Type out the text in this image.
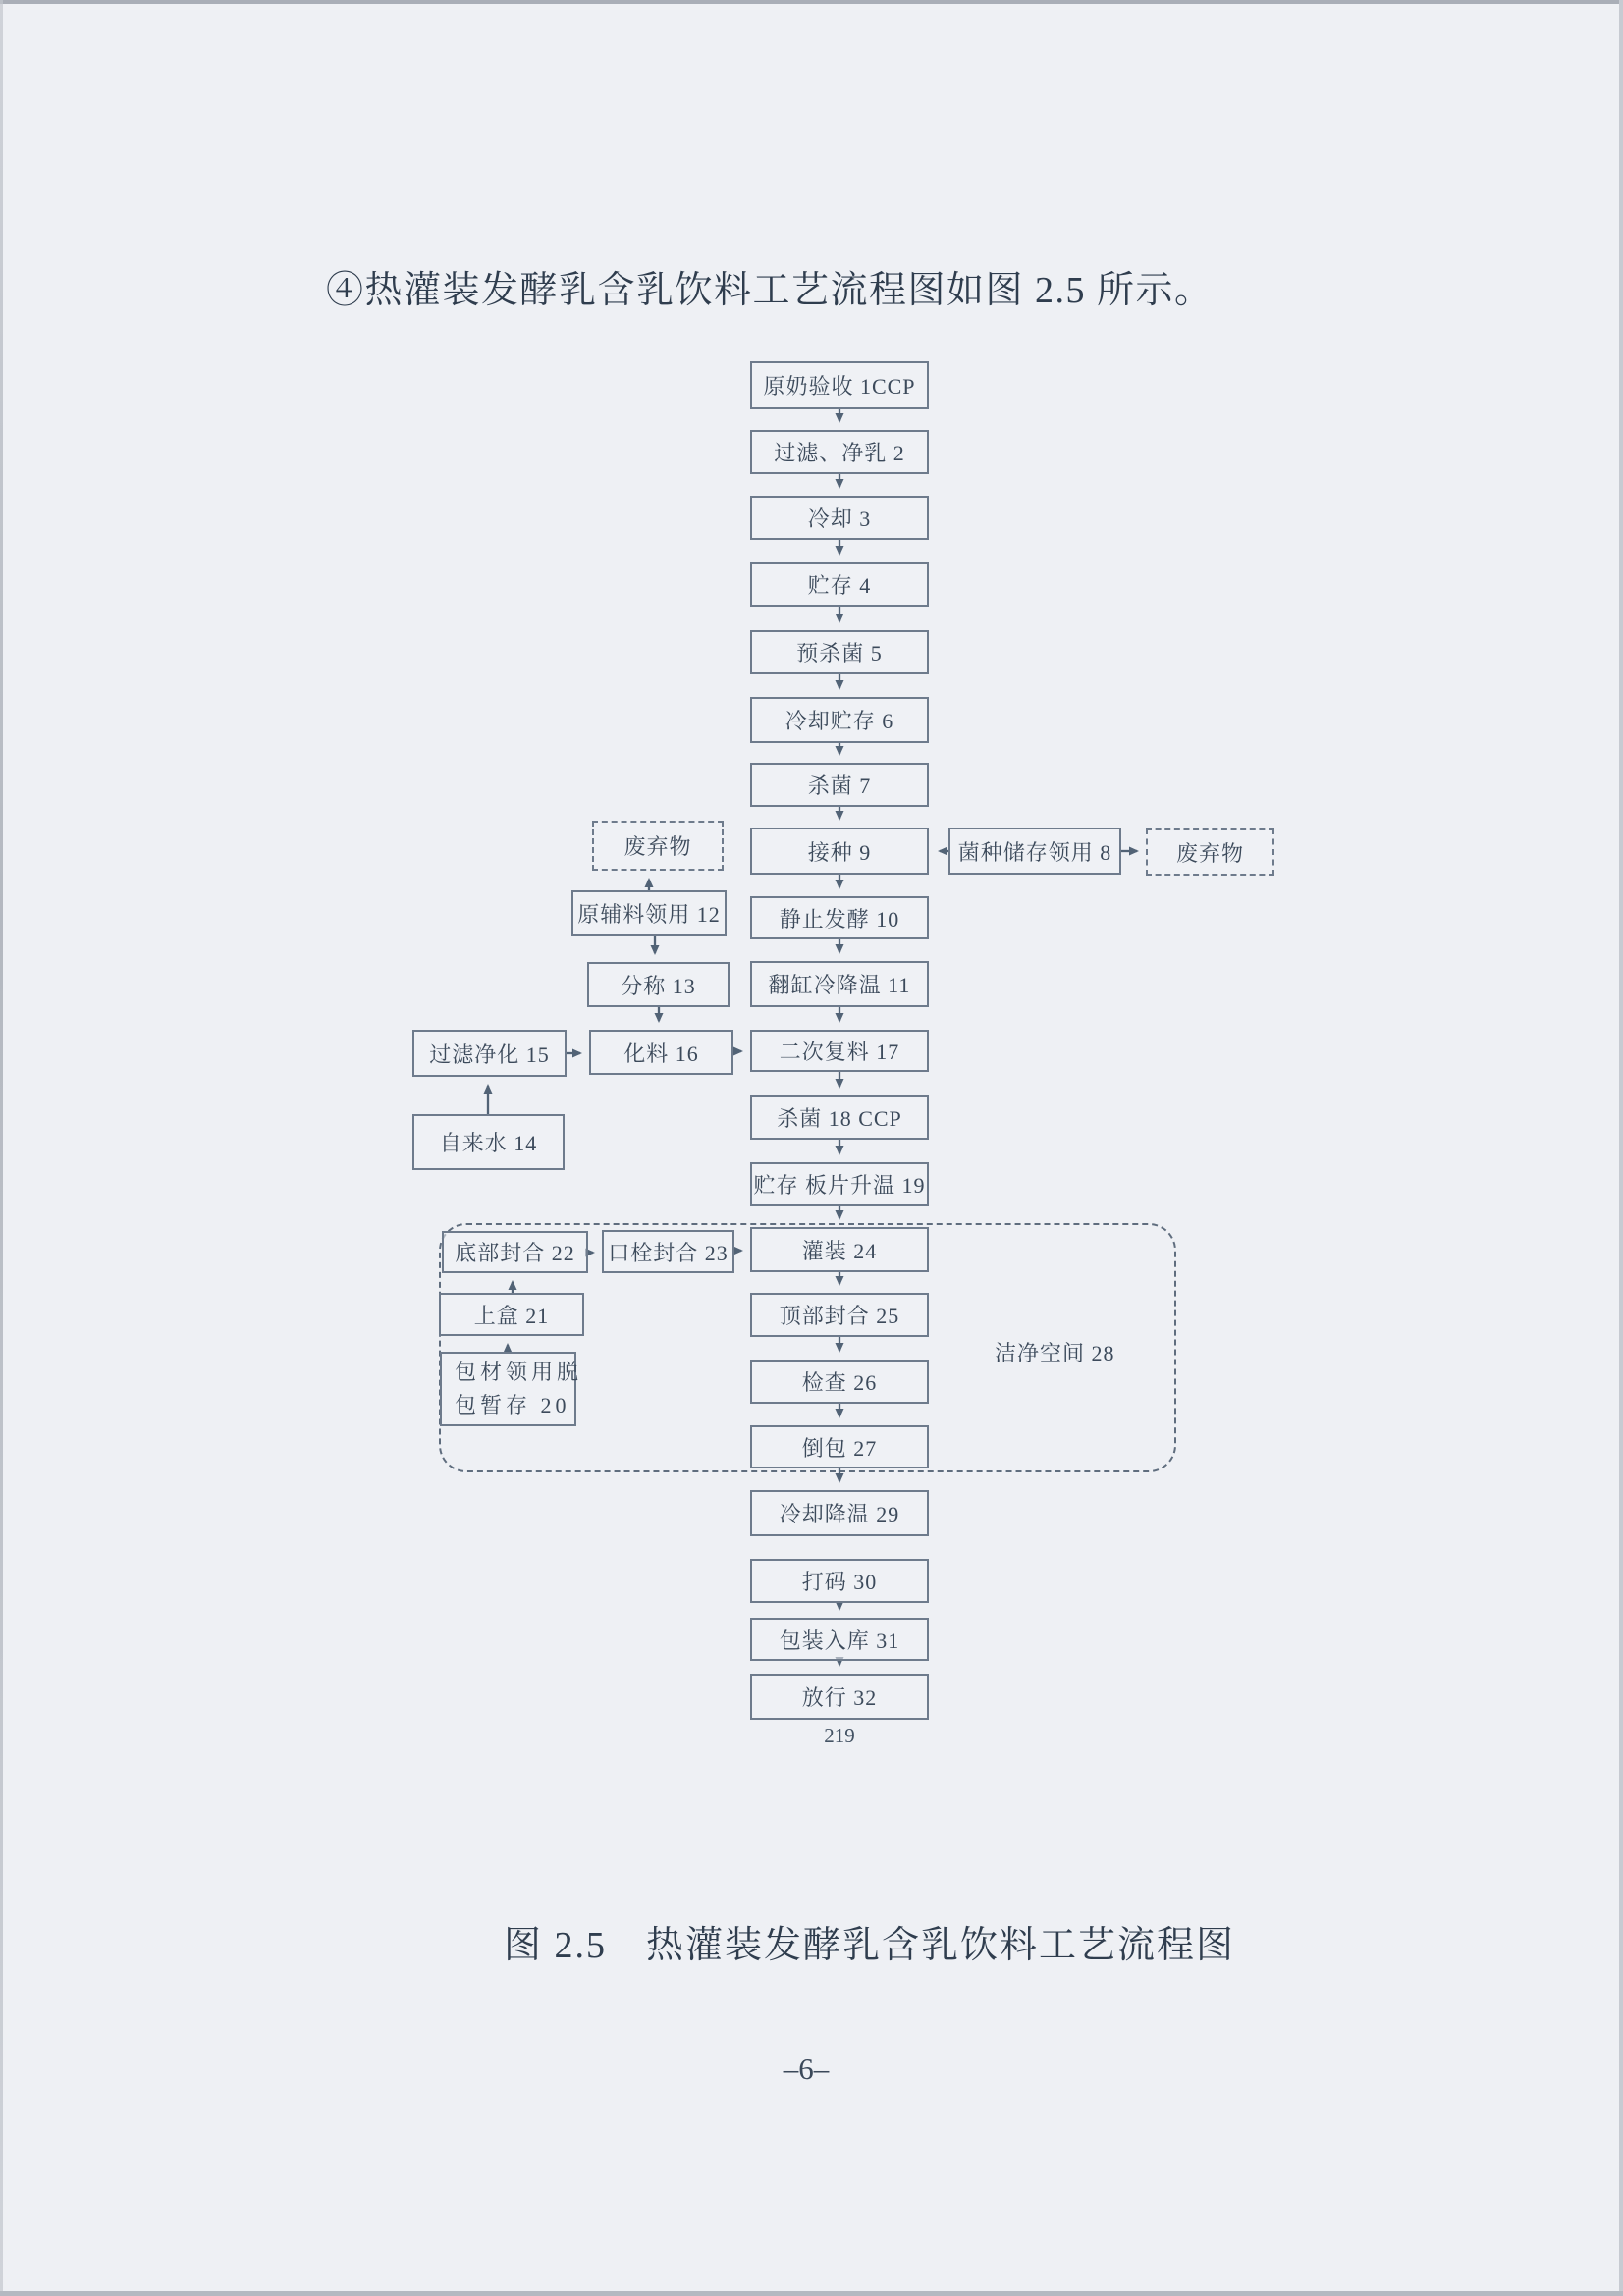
④热灌装发酵乳含乳饮料工艺流程图如图 2.5 所示。
洁净空间 28
原奶验收 1CCP
过滤、净乳 2
冷却 3
贮存 4
预杀菌 5
冷却贮存 6
杀菌 7
接种 9
静止发酵 10
翻缸冷降温 11
二次复料 17
杀菌 18 CCP
贮存 板片升温 19
灌装 24
顶部封合 25
检查 26
倒包 27
冷却降温 29
打码 30
包装入库 31
放行 32
菌种储存领用 8	废弃物
废弃物
原辅料领用 12
分称 13
过滤净化 15	化料 16
自来水 14
底部封合 22	口栓封合 23
上盒 21
包材领用脱
包暂存 20
219
图 2.5　热灌装发酵乳含乳饮料工艺流程图
–6–
